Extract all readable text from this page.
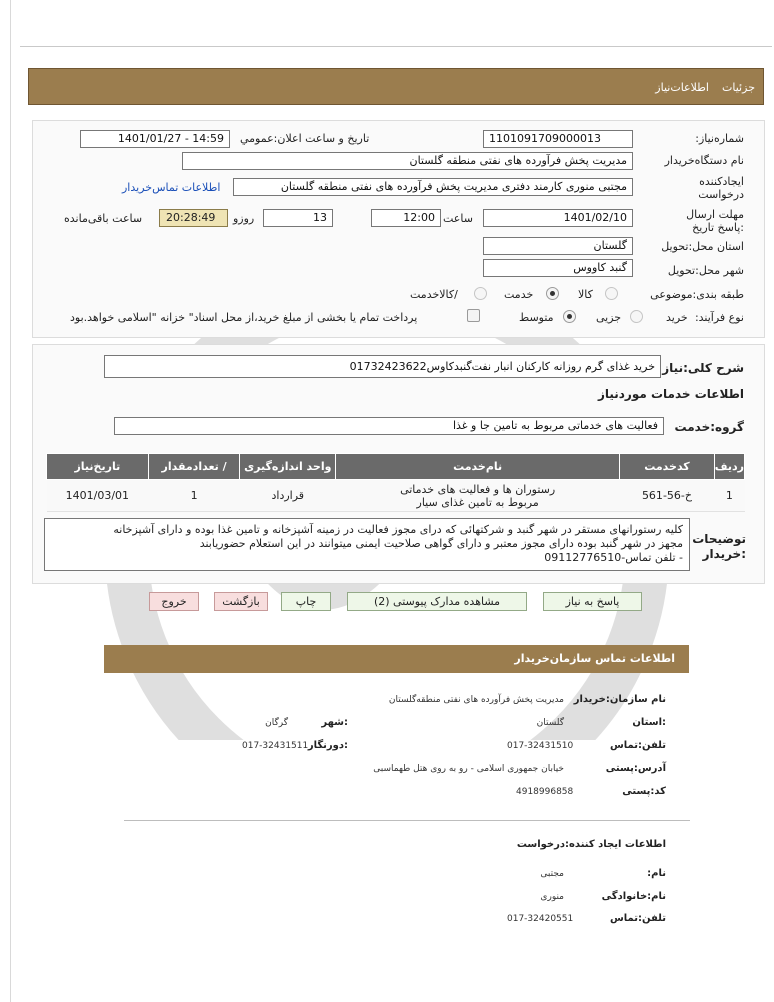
جزئیات
اطلاعات‌نیاز
شماره‌نیاز:
1101091709000013
تاریخ و ساعت اعلان:عمومي
1401/01/27 - 14:59
نام دستگاه‌خریدار
مدیریت پخش فرآورده های نفتی منطقه گلستان
ایجادکننده درخواست
مجتبی منوری کارمند دفتری مدیریت پخش فرآورده های نفتی منطقه گلستان
اطلاعات تماس‌خریدار
مهلت ارسال :پاسخ تاریخ
1401/02/10
ساعت
12:00
13
روزو
20:28:49
ساعت باقی‌مانده
استان محل:تحویل
گلستان
شهر محل:تحویل
گنبد کاووس
طبقه بندی:موضوعی
کالا
خدمت
/کالاخدمت
نوع فرآیند:
خرید
جزیی
متوسط
پرداخت تمام یا بخشی از مبلغ خرید،از محل اسناد" خزانه "اسلامی خواهد.بود
شرح کلی:نیاز
خرید غذای گرم روزانه کارکنان انبار نفت‌گنبدکاوس01732423622
اطلاعات خدمات موردنیاز
گروه:خدمت
فعالیت های خدماتی مربوط به تامین جا و غذا
ردیف	کدخدمت	نام‌خدمت	واحد اندازه‌گیری	/ تعدادمقدار	تاریخ‌نیاز
1	خ-56-561	رستوران ها و فعالیت های خدماتی
مربوط به تامین غذای سیار	قرارداد	1	1401/03/01
توضیحات :خریدار
کلیه رستورانهای مستقر در شهر گنبد و شرکتهائی که درای مجوز فعالیت در زمینه آشپزخانه و تامین غذا بوده و دارای آشپزخانه
مجهز در شهر گنبد بوده دارای مجوز معتبر و دارای گواهی صلاحیت ایمنی میتوانند در این استعلام حضوریابند
- تلفن تماس-09112776510
پاسخ به نیاز
مشاهده مدارک پیوستی (2)
چاپ
بازگشت
خروج
اطلاعات تماس سازمان‌خریدار
نام سازمان:خریدار
مدیریت پخش فرآورده های نفتی منطقه‌گلستان
:استان
گلستان
:شهر
گرگان
تلفن:تماس
017-32431510
:دورنگار
017-32431511
آدرس:پستی
خیابان جمهوری اسلامی - رو به روی هتل طهماسبی
کد:پستی
4918996858
اطلاعات ایجاد کننده:درخواست
نام:
مجتبی
نام:خانوادگی
منوری
تلفن:تماس
017-32420551
